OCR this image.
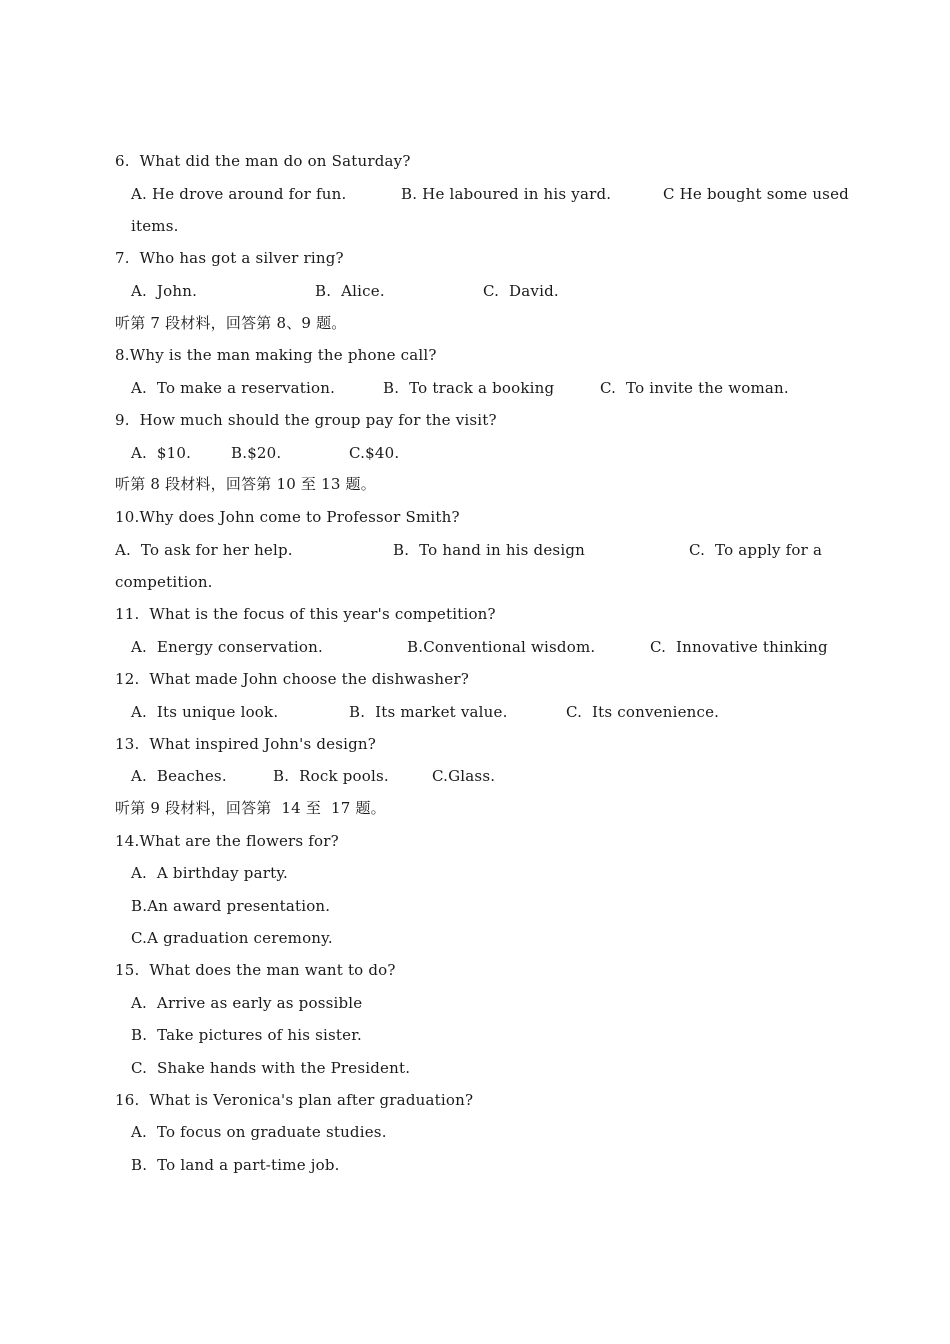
6.  What did the man do on Saturday?
A. He drove around for fun.	B. He laboured in his yard.	C He bought some used
items.
7.  Who has got a silver ring?
A.  John.	B.  Alice.	C.  David.
听第 7 段材料，回答第 8、9 题。
8.Why is the man making the phone call?
A.  To make a reservation.	B.  To track a booking	C.  To invite the woman.
9.  How much should the group pay for the visit?
A.  $10.	B.$20.	C.$40.
听第 8 段材料，回答第 10 至 13 题。
10.Why does John come to Professor Smith?
A.  To ask for her help.	B.  To hand in his design	C.  To apply for a
competition.
11.  What is the focus of this year's competition?
A.  Energy conservation.	B.Conventional wisdom.	C.  Innovative thinking
12.  What made John choose the dishwasher?
A.  Its unique look.	B.  Its market value.	C.  Its convenience.
13.  What inspired John's design?
A.  Beaches.	B.  Rock pools.	C.Glass.
听第 9 段材料，回答第  14 至  17 题。
14.What are the flowers for?
A.  A birthday party.
B.An award presentation.
C.A graduation ceremony.
15.  What does the man want to do?
A.  Arrive as early as possible
B.  Take pictures of his sister.
C.  Shake hands with the President.
16.  What is Veronica's plan after graduation?
A.  To focus on graduate studies.
B.  To land a part-time job.
